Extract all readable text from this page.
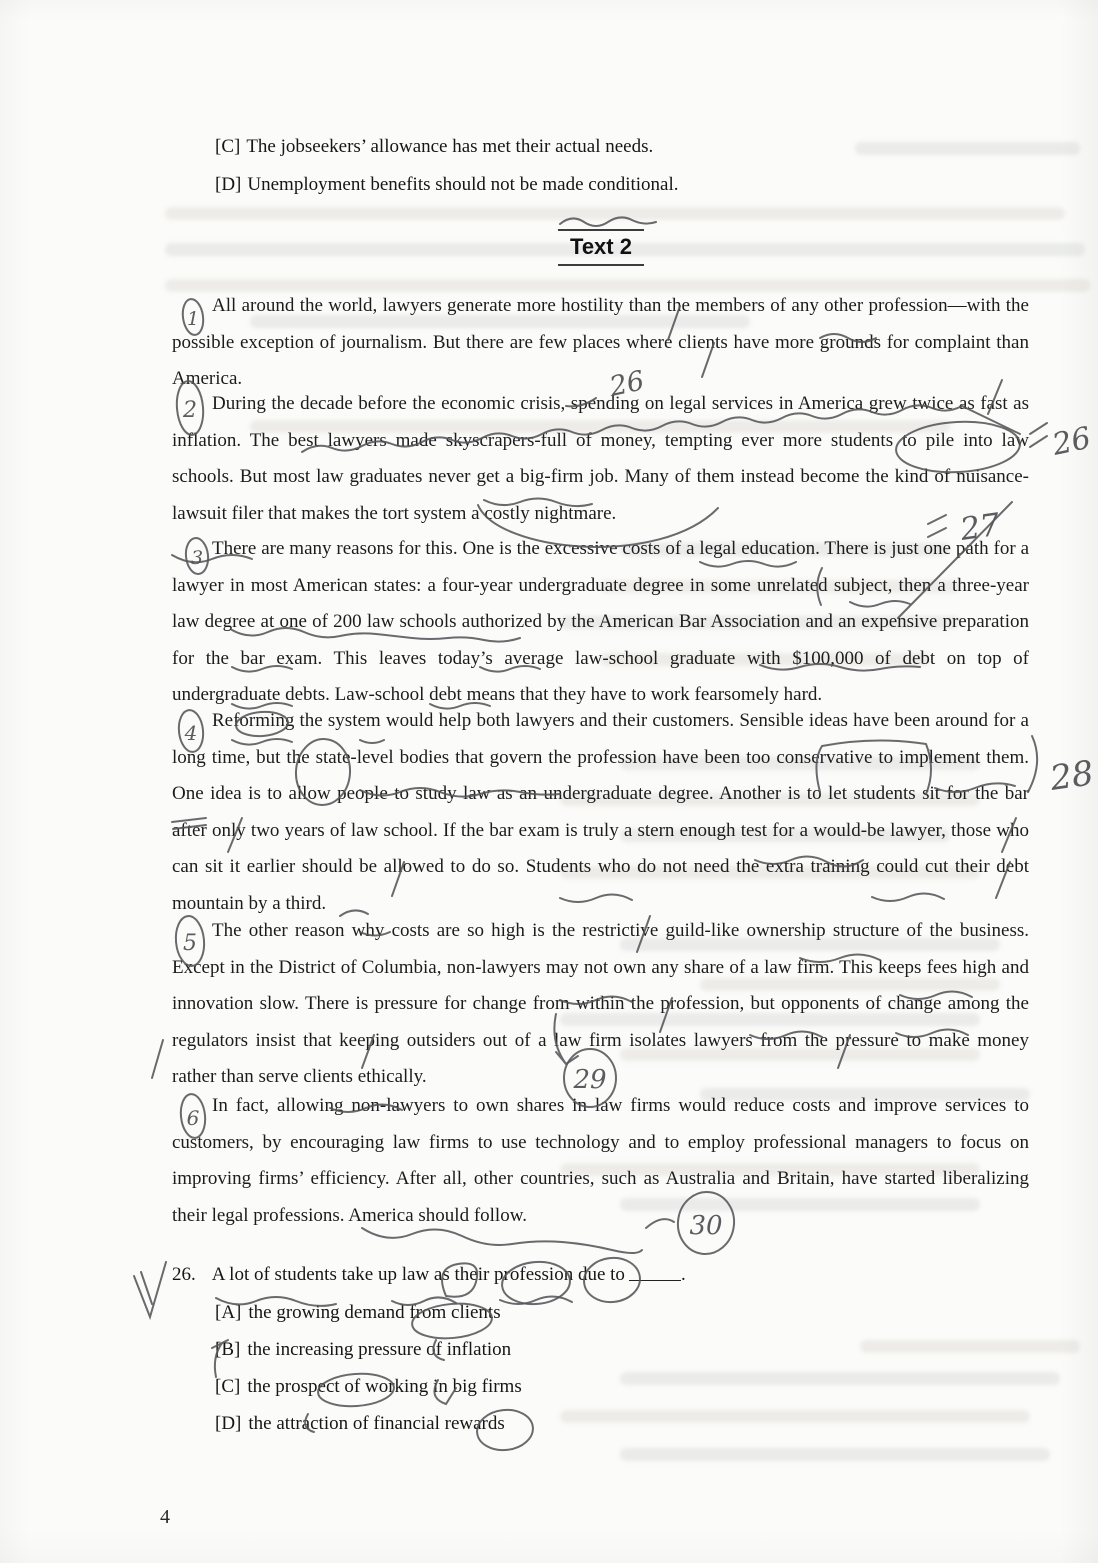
[C] The jobseekers’ allowance has met their actual needs.
[D] Unemployment benefits should not be made conditional.
Text 2

All around the world, lawyers generate more hostility than the members of any other profession—with the possible exception of journalism. But there are few places where clients have more grounds for complaint than America.

During the decade before the economic crisis, spending on legal services in America grew twice as fast as inflation. The best lawyers made skyscrapers-full of money, tempting ever more students to pile into law schools. But most law graduates never get a big-firm job. Many of them instead become the kind of nuisance-lawsuit filer that makes the tort system a costly nightmare.

There are many reasons for this. One is the excessive costs of a legal education. There is just one path for a lawyer in most American states: a four-year undergraduate degree in some unrelated subject, then a three-year law degree at one of 200 law schools authorized by the American Bar Association and an expensive preparation for the bar exam. This leaves today’s average law-school graduate with $100,000 of debt on top of undergraduate debts. Law-school debt means that they have to work fearsomely hard.

Reforming the system would help both lawyers and their customers. Sensible ideas have been around for a long time, but the state-level bodies that govern the profession have been too conservative to implement them. One idea is to allow people to study law as an undergraduate degree. Another is to let students sit for the bar after only two years of law school. If the bar exam is truly a stern enough test for a would-be lawyer, those who can sit it earlier should be allowed to do so. Students who do not need the extra training could cut their debt mountain by a third.

The other reason why costs are so high is the restrictive guild-like ownership structure of the business. Except in the District of Columbia, non-lawyers may not own any share of a law firm. This keeps fees high and innovation slow. There is pressure for change from within the profession, but opponents of change among the regulators insist that keeping outsiders out of a law firm isolates lawyers from the pressure to make money rather than serve clients ethically.

In fact, allowing non-lawyers to own shares in law firms would reduce costs and improve services to customers, by encouraging law firms to use technology and to employ professional managers to focus on improving firms’ efficiency. After all, other countries, such as Australia and Britain, have started liberalizing their legal professions. America should follow.

26. A lot of students take up law as their profession due to	.
[A] the growing demand from clients
[B] the increasing pressure of inflation
[C] the prospect of working in big firms
[D] the attraction of financial rewards
4
1
2
26
26
3
27
4
28
5
29
6
30
